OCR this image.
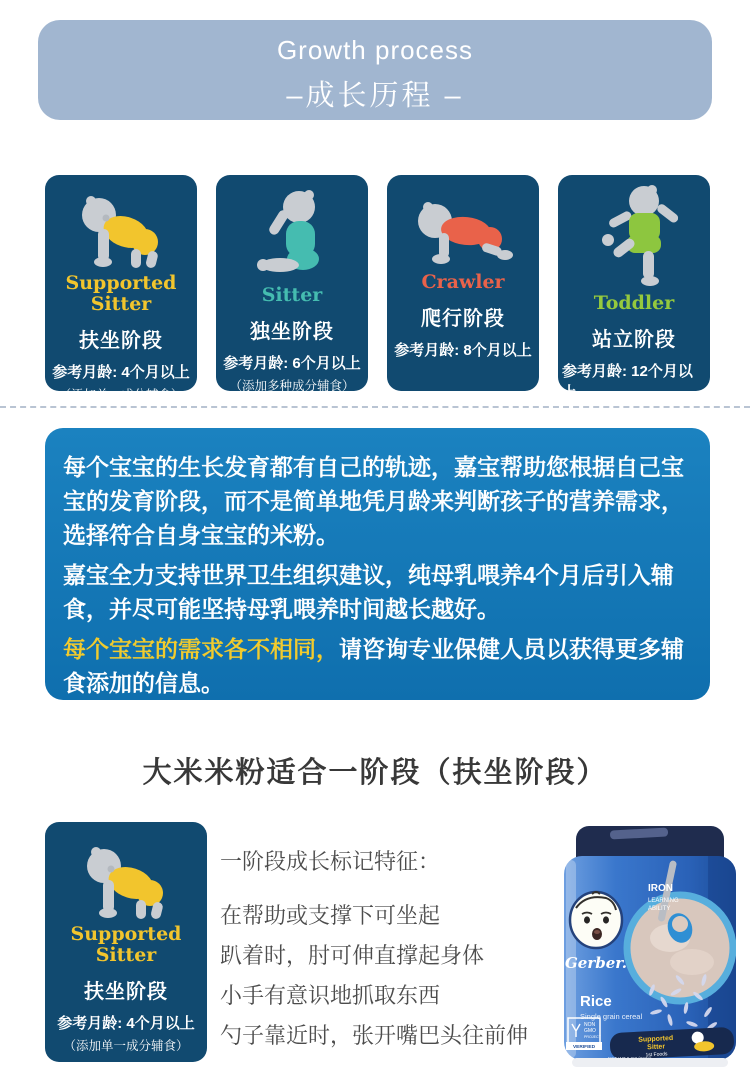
Growth process
–成长历程 –
Supported Sitter
扶坐阶段
参考月龄: 4个月以上
（添加单一成分辅食）
Sitter
独坐阶段
参考月龄: 6个月以上
（添加多种成分辅食）
Crawler
爬行阶段
参考月龄: 8个月以上
Toddler
站立阶段
参考月龄: 12个月以上

每个宝宝的生长发育都有自己的轨迹，嘉宝帮助您根据自己宝宝的发育阶段，而不是简单地凭月龄来判断孩子的营养需求，选择符合自身宝宝的米粉。

嘉宝全力支持世界卫生组织建议，纯母乳喂养4个月后引入辅食，并尽可能坚持母乳喂养时间越长越好。

每个宝宝的需求各不相同，请咨询专业保健人员以获得更多辅食添加的信息。

大米米粉适合一阶段（扶坐阶段）
Supported Sitter
扶坐阶段
参考月龄: 4个月以上
（添加单一成分辅食）
一阶段成长标记特征：
在帮助或支撑下可坐起
趴着时，肘可伸直撑起身体
小手有意识地抓取东西
勺子靠近时，张开嘴巴头往前伸
IRON
LEARNING
ABILITY
Gerber.
Rice
Single grain cereal
NON
GMO
PROJECT
VERIFIED
Supported
Sitter
1st Foods
